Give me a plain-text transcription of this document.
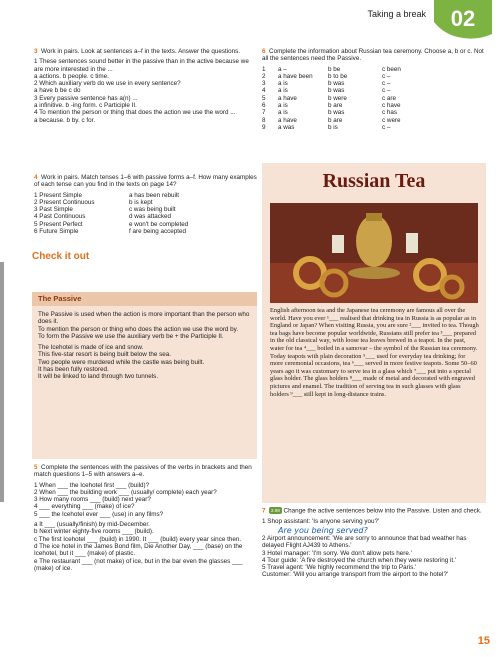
Taking a break 02
3 Work in pairs. Look at sentences a–f in the texts. Answer the questions.
1 These sentences sound better in the passive than in the active because we are more interested in the ...
a actions. b people. c time.
2 Which auxiliary verb do we use in every sentence?
a have b be c do
3 Every passive sentence has a(n) ...
a infinitive. b -ing form. c Participle II.
4 To mention the person or thing that does the action we use the word ...
a because. b by. c for.
4 Work in pairs. Match tenses 1–6 with passive forms a–f. How many examples of each tense can you find in the texts on page 14?
1 Present Simple	a has been rebuilt
2 Present Continuous	b is kept
3 Past Simple	c was being built
4 Past Continuous	d was attacked
5 Present Perfect	e won't be completed
6 Future Simple	f are being accepted
Check it out
The Passive
The Passive is used when the action is more important than the person who does it.
To mention the person or thing who does the action we use the word by.
To form the Passive we use the auxiliary verb be + the Participle II.
The Icehotel is made of ice and snow.
This five-star resort is being built below the sea.
Two people were murdered while the castle was being built.
It has been fully restored.
It will be linked to land through two tunnels.
5 Complete the sentences with the passives of the verbs in brackets and then match questions 1–5 with answers a–e.
1 When ___ the Icehotel first ___ (build)?
2 When ___ the building work ___ (usually/ complete) each year?
3 How many rooms ___ (build) next year?
4 ___ everything ___ (make) of ice?
5 ___ the Icehotel ever ___ (use) in any films?
a It ___ (usually/finish) by mid-December.
b Next winter eighty-five rooms ___ (build).
c The first Icehotel ___ (build) in 1990. It ___ (build) every year since then.
d The ice hotel in the James Bond film, Die Another Day, ___ (base) on the Icehotel, but it ___ (make) of plastic.
e The restaurant ___ (not make) of ice, but in the bar even the glasses ___ (make) of ice.
6 Complete the information about Russian tea ceremony. Choose a, b or c. Not all the sentences need the Passive.
1 a –	b be	c been
2 a have been b to be	c –
3 a is	b was	c –
4 a is	b was	c –
5 a have	b were	c are
6 a is	b are	c have
7 a is	b was	c has
8 a have	b are	c were
9 a was	b is	c –
Russian Tea
English afternoon tea and the Japanese tea ceremony are famous all over the world. Have you ever ¹___ realised that drinking tea in Russia is as popular as in England or Japan? When visiting Russia, you are sure ²___ invited to tea. Though tea bags have become popular worldwide, Russians still prefer tea ³___ prepared in the old classical way, with loose tea leaves brewed in a teapot. In the past, water for tea ⁴___ boiled in a samovar – the symbol of the Russian tea ceremony. Today teapots with plain decoration ⁵___ used for everyday tea drinking; for more ceremonial occasions, tea ⁶___ served in more festive teapots. Some 50–60 years ago it was customary to serve tea in a glass which ⁷___ put into a special glass holder. The glass holders ⁸___ made of metal and decorated with engraved pictures and enamel. The tradition of serving tea in such glasses with glass holders ⁹___ still kept in long-distance trains.
7 2.09 Change the active sentences below into the Passive. Listen and check.
1 Shop assistant: 'Is anyone serving you?'
2 Airport announcement: 'We are sorry to announce that bad weather has delayed Flight AJ439 to Athens.'
3 Hotel manager: 'I'm sorry. We don't allow pets here.'
4 Tour guide: 'A fire destroyed the church when they were restoring it.'
5 Travel agent: 'We highly recommend the trip to Paris.'
Customer: 'Will you arrange transport from the airport to the hotel?'
Are you being served?
15
